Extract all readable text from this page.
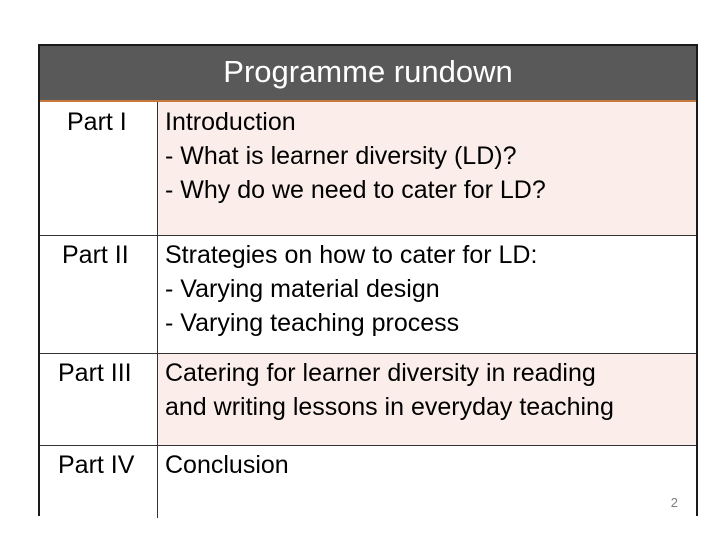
Programme rundown
Part I Introduction
- What is learner diversity (LD)?
- Why do we need to cater for LD?
Part II Strategies on how to cater for LD:
- Varying material design
- Varying teaching process
Part III Catering for learner diversity in reading
and writing lessons in everyday teaching
Part IV Conclusion
2
